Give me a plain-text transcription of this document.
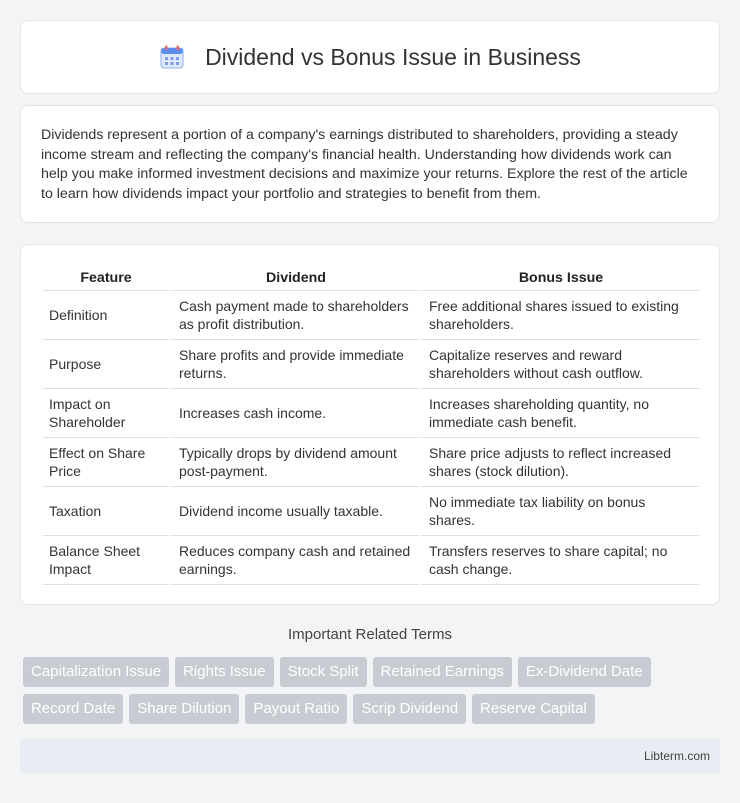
Dividend vs Bonus Issue in Business

Dividends represent a portion of a company's earnings distributed to shareholders, providing a steady income stream and reflecting the company's financial health. Understanding how dividends work can help you make informed investment decisions and maximize your returns. Explore the rest of the article to learn how dividends impact your portfolio and strategies to benefit from them.

Feature	Dividend	Bonus Issue
Definition	Cash payment made to shareholders as profit distribution.	Free additional shares issued to existing shareholders.
Purpose	Share profits and provide immediate returns.	Capitalize reserves and reward shareholders without cash outflow.
Impact on Shareholder	Increases cash income.	Increases shareholding quantity, no immediate cash benefit.
Effect on Share Price	Typically drops by dividend amount post-payment.	Share price adjusts to reflect increased shares (stock dilution).
Taxation	Dividend income usually taxable.	No immediate tax liability on bonus shares.
Balance Sheet Impact	Reduces company cash and retained earnings.	Transfers reserves to share capital; no cash change.
Important Related Terms
Capitalization Issue	Rights Issue	Stock Split	Retained Earnings	Ex-Dividend Date
Record Date	Share Dilution	Payout Ratio	Scrip Dividend	Reserve Capital
Libterm.com
